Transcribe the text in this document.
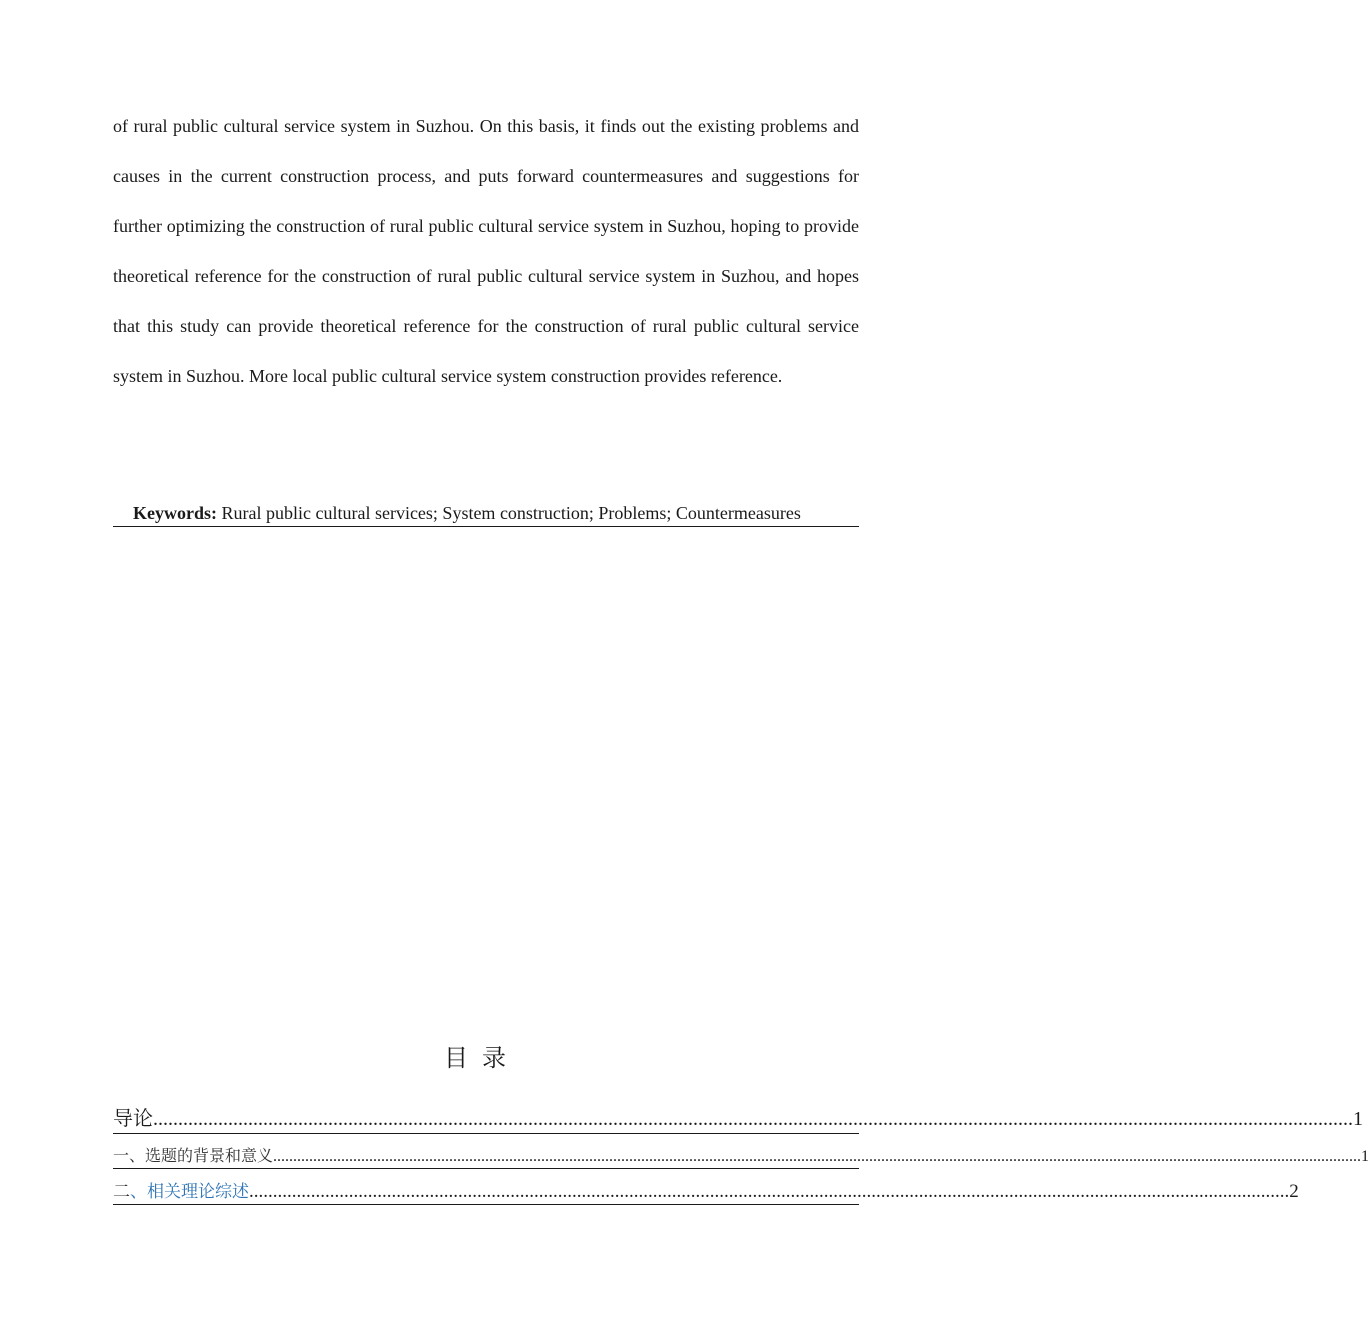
of rural public cultural service system in Suzhou. On this basis, it finds out the existing problems and causes in the current construction process, and puts forward countermeasures and suggestions for further optimizing the construction of rural public cultural service system in Suzhou, hoping to provide theoretical reference for the construction of rural public cultural service system in Suzhou, and hopes that this study can provide theoretical reference for the construction of rural public cultural service system in Suzhou. More local public cultural service system construction provides reference.

Keywords: Rural public cultural services; System construction; Problems; Countermeasures
目录
导论 ................................................................................................................................................................................................................................................ 1
一、选题的背景和意义 ................................................................................................................................................................................................................................................................................ 1
二 、相关理论综述 ........................................................................................................................................................................................................................... 2
